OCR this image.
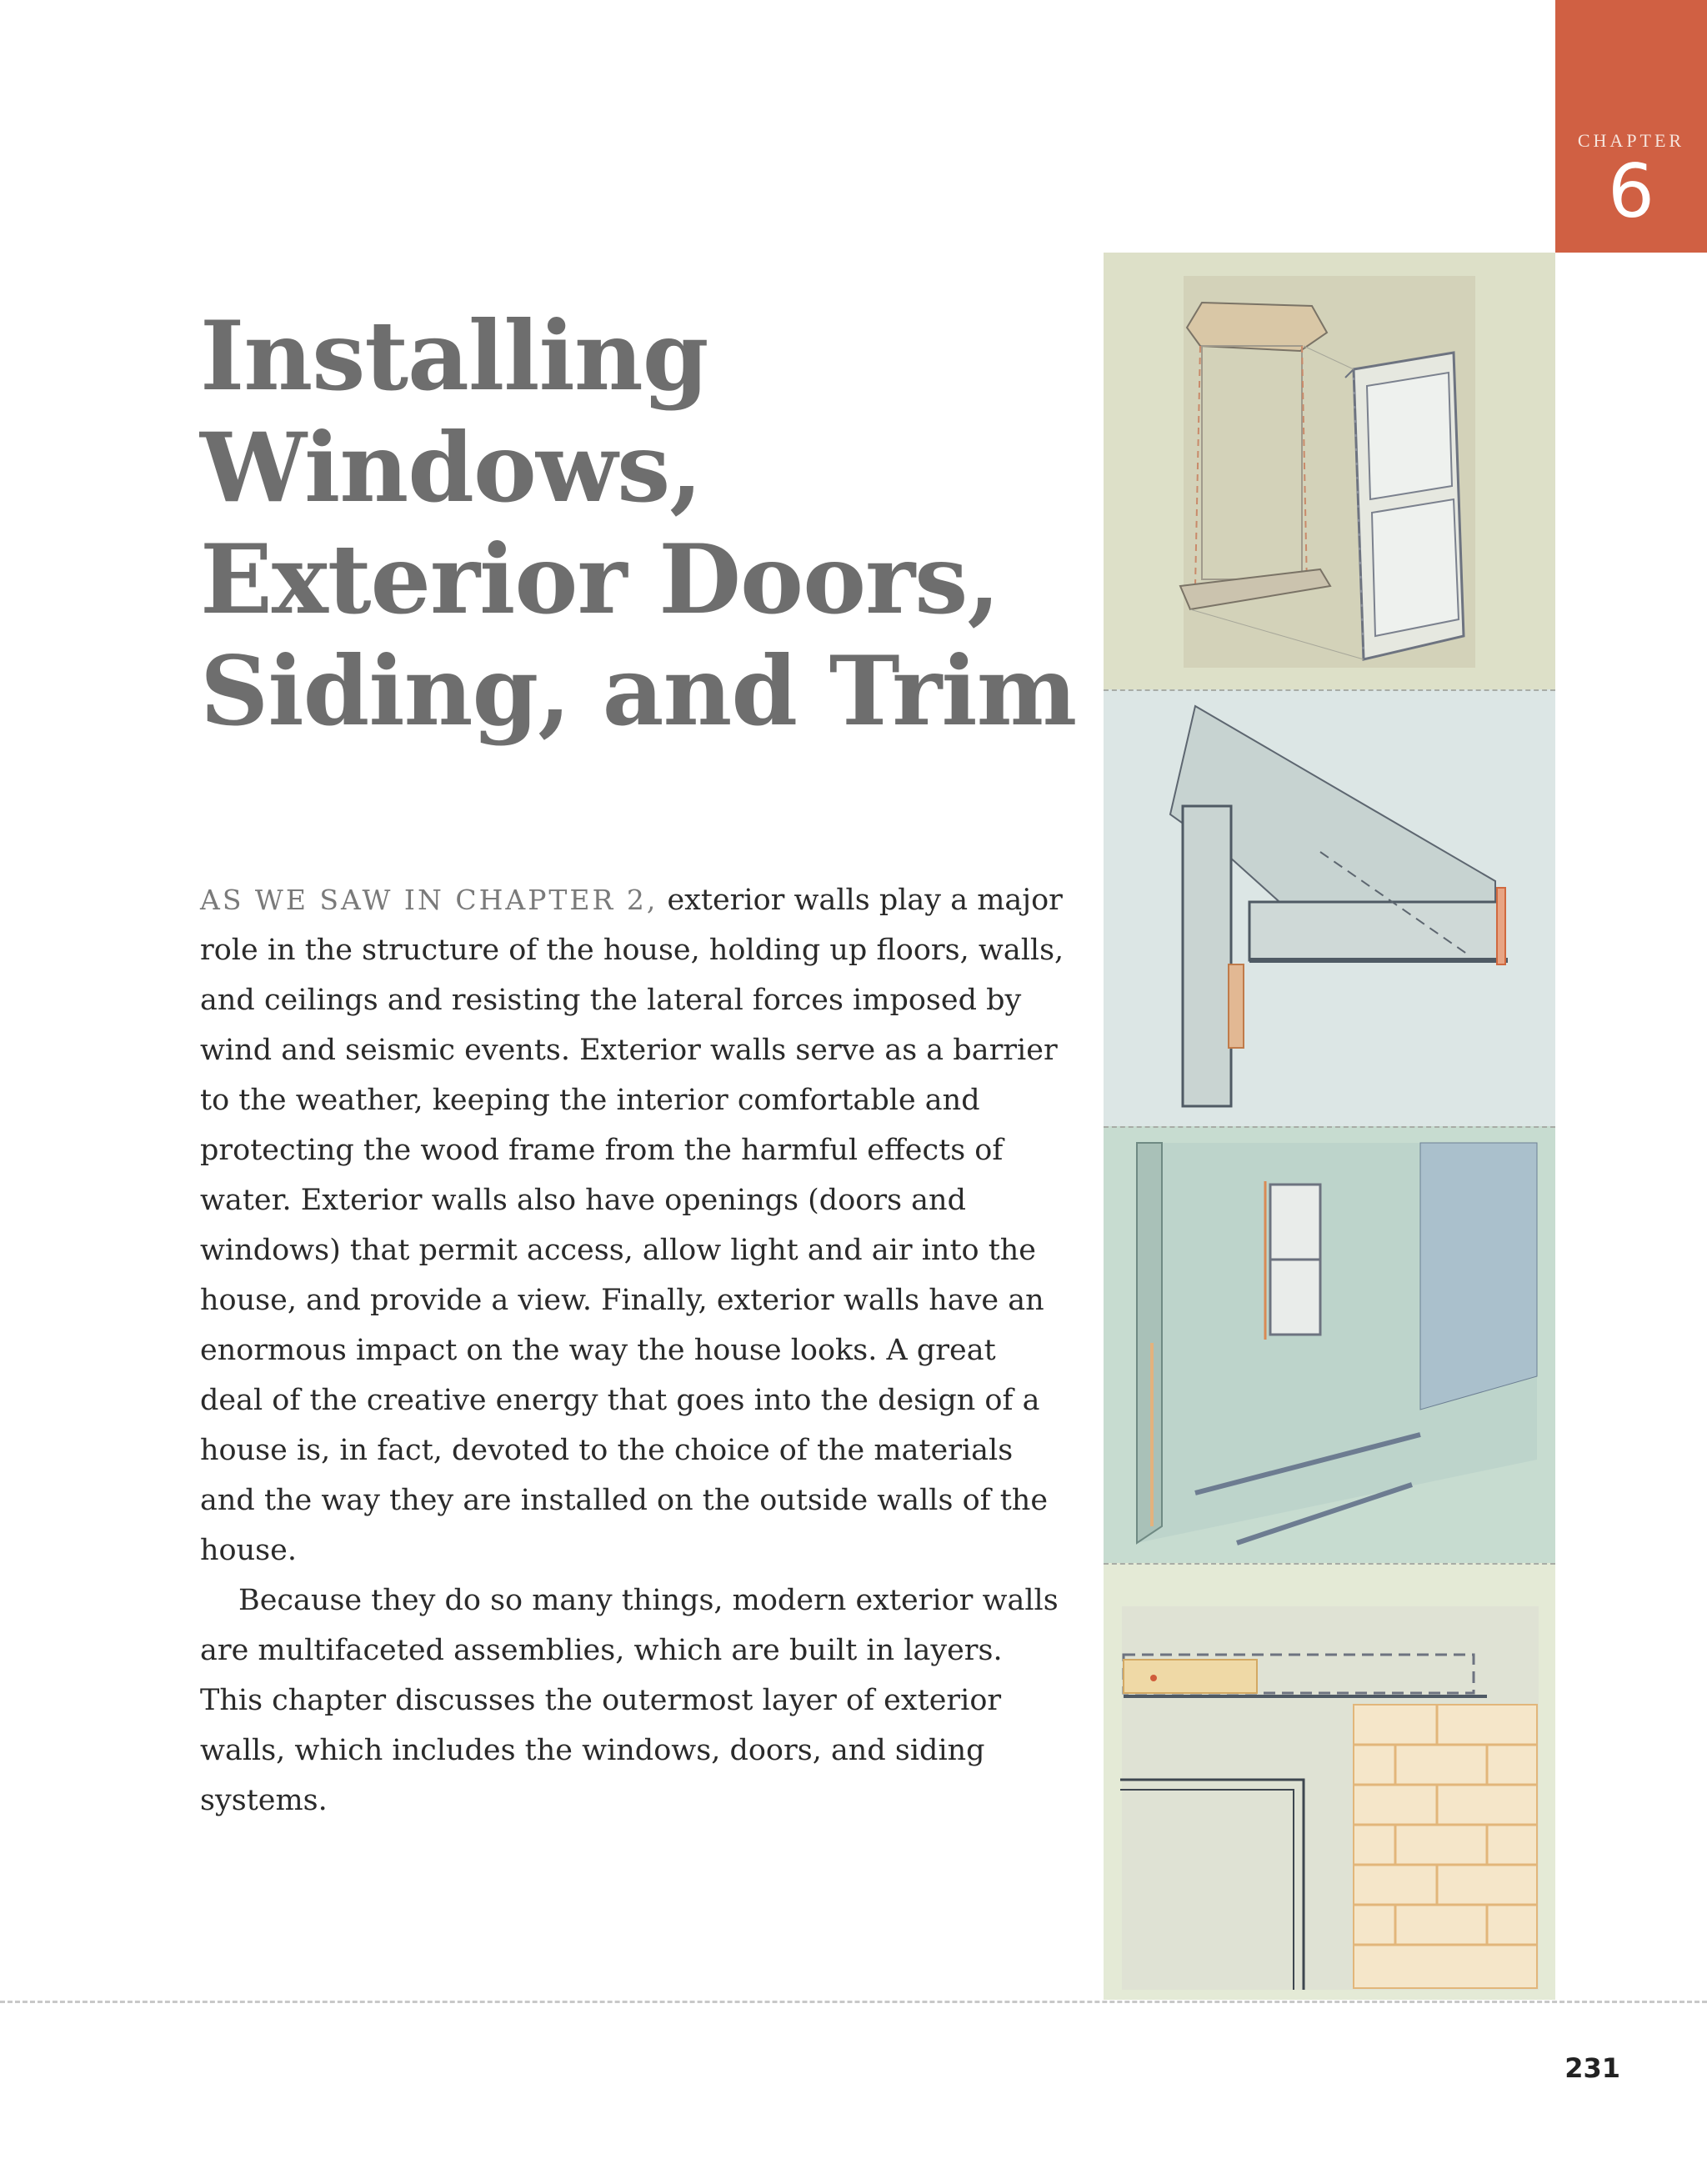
CHAPTER
6
Installing
Windows,
Exterior Doors,
Siding, and Trim

AS WE SAW IN CHAPTER 2, exterior walls play a major role in the structure of the house, holding up floors, walls, and ceilings and resisting the lateral forces imposed by wind and seismic events. Exterior walls serve as a barrier to the weather, keeping the interior comfortable and protecting the wood frame from the harmful effects of water. Exterior walls also have openings (doors and windows) that permit access, allow light and air into the house, and provide a view. Finally, exterior walls have an enormous impact on the way the house looks. A great deal of the creative energy that goes into the design of a house is, in fact, devoted to the choice of the materials and the way they are installed on the outside walls of the house.

Because they do so many things, modern exterior walls are multifaceted assemblies, which are built in layers. This chapter discusses the outermost layer of exterior walls, which includes the windows, doors, and siding systems.

231
